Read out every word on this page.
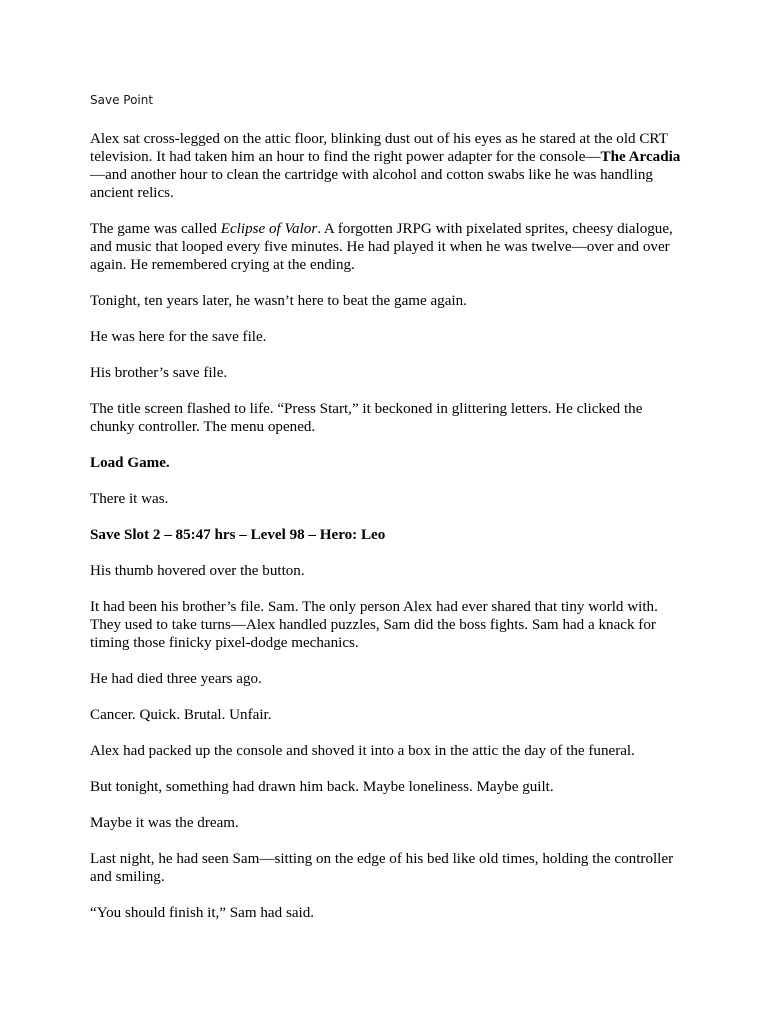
Save Point

Alex sat cross-legged on the attic floor, blinking dust out of his eyes as he stared at the old CRT television. It had taken him an hour to find the right power adapter for the console—The Arcadia—and another hour to clean the cartridge with alcohol and cotton swabs like he was handling ancient relics.

The game was called Eclipse of Valor. A forgotten JRPG with pixelated sprites, cheesy dialogue, and music that looped every five minutes. He had played it when he was twelve—over and over again. He remembered crying at the ending.

Tonight, ten years later, he wasn’t here to beat the game again.

He was here for the save file.

His brother’s save file.

The title screen flashed to life. “Press Start,” it beckoned in glittering letters. He clicked the chunky controller. The menu opened.

Load Game.

There it was.

Save Slot 2 – 85:47 hrs – Level 98 – Hero: Leo

His thumb hovered over the button.

It had been his brother’s file. Sam. The only person Alex had ever shared that tiny world with. They used to take turns—Alex handled puzzles, Sam did the boss fights. Sam had a knack for timing those finicky pixel-dodge mechanics.

He had died three years ago.

Cancer. Quick. Brutal. Unfair.

Alex had packed up the console and shoved it into a box in the attic the day of the funeral.

But tonight, something had drawn him back. Maybe loneliness. Maybe guilt.

Maybe it was the dream.

Last night, he had seen Sam—sitting on the edge of his bed like old times, holding the controller and smiling.

“You should finish it,” Sam had said.
